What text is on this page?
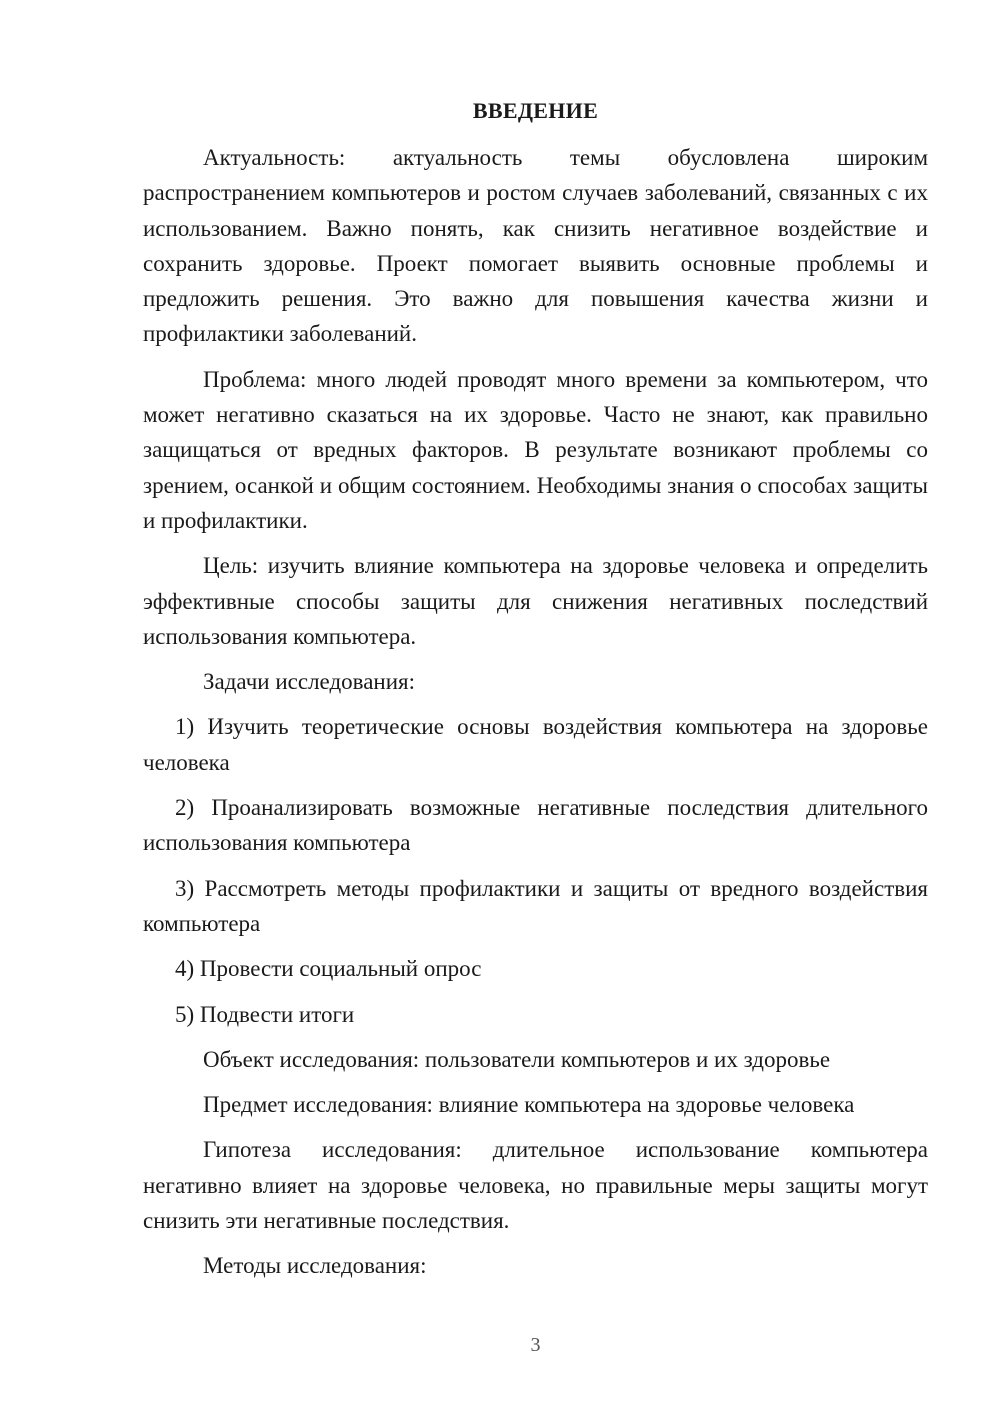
ВВЕДЕНИЕ

Актуальность: актуальность темы обусловлена широким распространением компьютеров и ростом случаев заболеваний, связанных с их использованием. Важно понять, как снизить негативное воздействие и сохранить здоровье. Проект помогает выявить основные проблемы и предложить решения. Это важно для повышения качества жизни и профилактики заболеваний.

Проблема: много людей проводят много времени за компьютером, что может негативно сказаться на их здоровье. Часто не знают, как правильно защищаться от вредных факторов. В результате возникают проблемы со зрением, осанкой и общим состоянием. Необходимы знания о способах защиты и профилактики.

Цель: изучить влияние компьютера на здоровье человека и определить эффективные способы защиты для снижения негативных последствий использования компьютера.

Задачи исследования:

1) Изучить теоретические основы воздействия компьютера на здоровье человека

2) Проанализировать возможные негативные последствия длительного использования компьютера

3) Рассмотреть методы профилактики и защиты от вредного воздействия компьютера

4) Провести социальный опрос

5) Подвести итоги

Объект исследования: пользователи компьютеров и их здоровье

Предмет исследования: влияние компьютера на здоровье человека

Гипотеза исследования: длительное использование компьютера негативно влияет на здоровье человека, но правильные меры защиты могут снизить эти негативные последствия.

Методы исследования:

3
